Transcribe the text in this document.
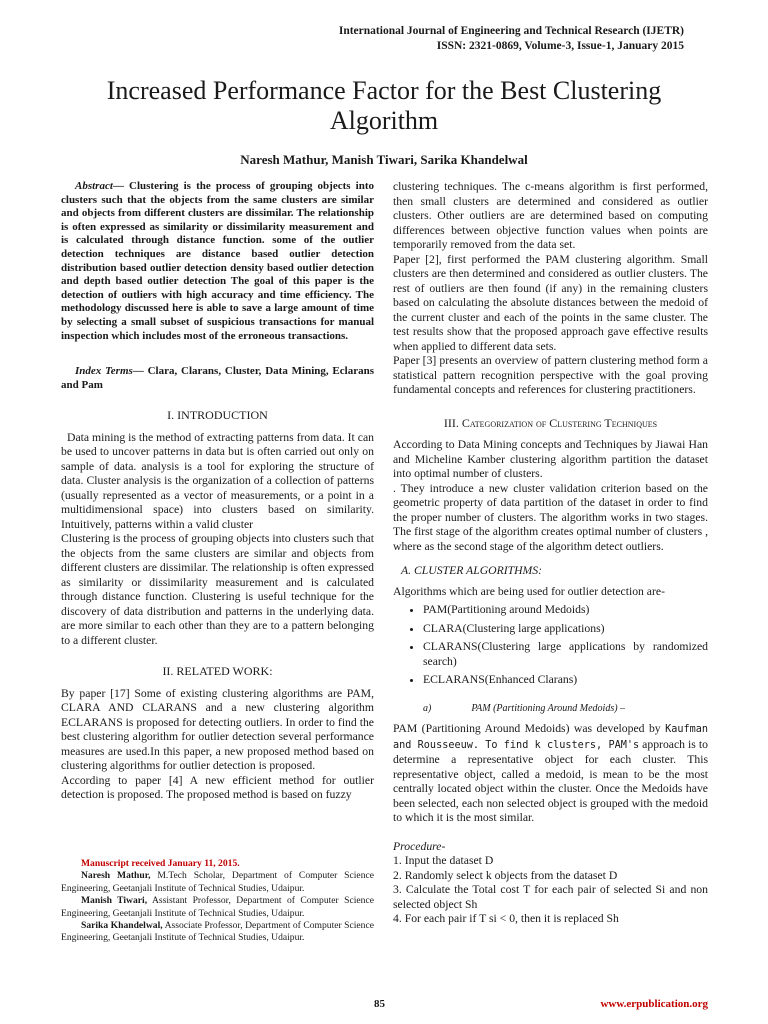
International Journal of Engineering and Technical Research (IJETR)
ISSN: 2321-0869, Volume-3, Issue-1, January 2015
Increased Performance Factor for the Best Clustering
Algorithm
Naresh Mathur, Manish Tiwari, Sarika Khandelwal

Abstract— Clustering is the process of grouping objects into clusters such that the objects from the same clusters are similar and objects from different clusters are dissimilar. The relationship is often expressed as similarity or dissimilarity measurement and is calculated through distance function. some of the outlier detection techniques are distance based outlier detection distribution based outlier detection density based outlier detection and depth based outlier detection The goal of this paper is the detection of outliers with high accuracy and time efficiency. The methodology discussed here is able to save a large amount of time by selecting a small subset of suspicious transactions for manual inspection which includes most of the erroneous transactions.

Index Terms— Clara, Clarans, Cluster, Data Mining, Eclarans and Pam

I. INTRODUCTION

Data mining is the method of extracting patterns from data. It can be used to uncover patterns in data but is often carried out only on sample of data. analysis is a tool for exploring the structure of data. Cluster analysis is the organization of a collection of patterns (usually represented as a vector of measurements, or a point in a multidimensional space) into clusters based on similarity. Intuitively, patterns within a valid cluster

Clustering is the process of grouping objects into clusters such that the objects from the same clusters are similar and objects from different clusters are dissimilar. The relationship is often expressed as similarity or dissimilarity measurement and is calculated through distance function. Clustering is useful technique for the discovery of data distribution and patterns in the underlying data. are more similar to each other than they are to a pattern belonging to a different cluster.

II. RELATED WORK:

By paper [17] Some of existing clustering algorithms are PAM, CLARA AND CLARANS and a new clustering algorithm ECLARANS is proposed for detecting outliers. In order to find the best clustering algorithm for outlier detection several performance measures are used.In this paper, a new proposed method based on clustering algorithms for outlier detection is proposed.

According to paper [4] A new efficient method for outlier detection is proposed. The proposed method is based on fuzzy

Manuscript received January 11, 2015.

Naresh Mathur, M.Tech Scholar, Department of Computer Science Engineering, Geetanjali Institute of Technical Studies, Udaipur.

Manish Tiwari, Assistant Professor, Department of Computer Science Engineering, Geetanjali Institute of Technical Studies, Udaipur.

Sarika Khandelwal, Associate Professor, Department of Computer Science Engineering, Geetanjali Institute of Technical Studies, Udaipur.

clustering techniques. The c-means algorithm is first performed, then small clusters are determined and considered as outlier clusters. Other outliers are are determined based on computing differences between objective function values when points are temporarily removed from the data set.

Paper [2], first performed the PAM clustering algorithm. Small clusters are then determined and considered as outlier clusters. The rest of outliers are then found (if any) in the remaining clusters based on calculating the absolute distances between the medoid of the current cluster and each of the points in the same cluster. The test results show that the proposed approach gave effective results when applied to different data sets.

Paper [3] presents an overview of pattern clustering method form a statistical pattern recognition perspective with the goal proving fundamental concepts and references for clustering practitioners.

III. Categorization of Clustering Techniques

According to Data Mining concepts and Techniques by Jiawai Han and Micheline Kamber clustering algorithm partition the dataset into optimal number of clusters.

. They introduce a new cluster validation criterion based on the geometric property of data partition of the dataset in order to find the proper number of clusters. The algorithm works in two stages. The first stage of the algorithm creates optimal number of clusters , where as the second stage of the algorithm detect outliers.

A. CLUSTER ALGORITHMS:

Algorithms which are being used for outlier detection are-

• PAM(Partitioning around Medoids)
• CLARA(Clustering large applications)
• CLARANS(Clustering large applications by randomized search)
• ECLARANS(Enhanced Clarans)
a)	PAM (Partitioning Around Medoids) –

PAM (Partitioning Around Medoids) was developed by Kaufman and Rousseeuw. To find k clusters, PAM's approach is to determine a representative object for each cluster. This representative object, called a medoid, is mean to be the most centrally located object within the cluster. Once the Medoids have been selected, each non selected object is grouped with the medoid to which it is the most similar.

Procedure-

1. Input the dataset D

2. Randomly select k objects from the dataset D

3. Calculate the Total cost T for each pair of selected Si and non selected object Sh

4. For each pair if T si < 0, then it is replaced Sh

85	www.erpublication.org
